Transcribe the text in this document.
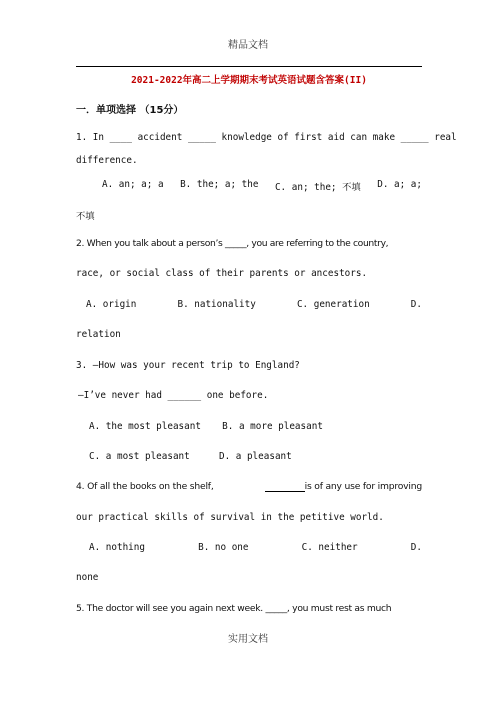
精品文档
2021-2022年高二上学期期末考试英语试题含答案(II)
一．单项选择 （15分）
1. In ____ accident _____ knowledge of first aid can make _____ real
difference.
A. an; a; a B. the; a; the C. an; the; 不填 D. a; a;
不填
2. When you talk about a person’s _____, you are referring to the country,
race, or social class of their parents or ancestors.
A. origin	B. nationality	C. generation	D.
relation
3. —How was your recent trip to England?
—I’ve never had ______ one before.
A. the most pleasant B. a more pleasant
C. a most pleasant	D. a pleasant
4. Of all the books on the shelf,	is of any use for improving
our practical skills of survival in the petitive world.
A. nothing	B. no one	C. neither	D.
none
5. The doctor will see you again next week. _____, you must rest as much
实用文档
